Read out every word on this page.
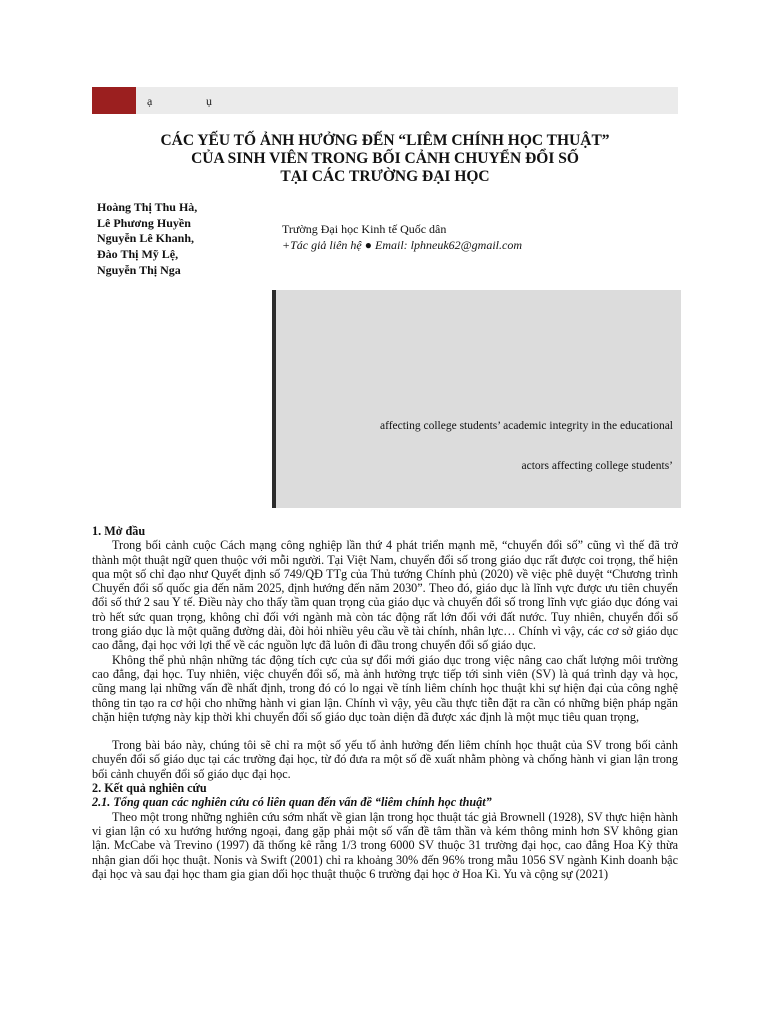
ạ	ụ
CÁC YẾU TỐ ẢNH HƯỞNG ĐẾN “LIÊM CHÍNH HỌC THUẬT”
CỦA SINH VIÊN TRONG BỐI CẢNH CHUYỂN ĐỔI SỐ
TẠI CÁC TRƯỜNG ĐẠI HỌC
Hoàng Thị Thu Hà,
Lê Phương Huyền
Nguyễn Lê Khanh,
Đào Thị Mỹ Lệ,
Nguyễn Thị Nga
Trường Đại học Kinh tế Quốc dân
+Tác giả liên hệ ● Email: lphneuk62@gmail.com
affecting college students’ academic integrity in the educational
actors affecting college students’
1. Mở đầu

Trong bối cảnh cuộc Cách mạng công nghiệp lần thứ 4 phát triển mạnh mẽ, “chuyển đổi số” cũng vì thế đã trở thành một thuật ngữ quen thuộc với mỗi người. Tại Việt Nam, chuyển đổi số trong giáo dục rất được coi trọng, thể hiện qua một số chỉ đạo như Quyết định số 749/QĐ TTg của Thủ tướng Chính phủ (2020) về việc phê duyệt “Chương trình Chuyển đổi số quốc gia đến năm 2025, định hướng đến năm 2030”. Theo đó, giáo dục là lĩnh vực được ưu tiên chuyển đổi số thứ 2 sau Y tế. Điều này cho thấy tầm quan trọng của giáo dục và chuyển đổi số trong lĩnh vực giáo dục đóng vai trò hết sức quan trọng, không chỉ đối với ngành mà còn tác động rất lớn đối với đất nước. Tuy nhiên, chuyển đổi số trong giáo dục là một quãng đường dài, đòi hỏi nhiều yêu cầu về tài chính, nhân lực… Chính vì vậy, các cơ sở giáo dục cao đẳng, đại học với lợi thế về các nguồn lực đã luôn đi đầu trong chuyển đổi số giáo dục.

Không thể phủ nhận những tác động tích cực của sự đổi mới giáo dục trong việc nâng cao chất lượng môi trường cao đẳng, đại học. Tuy nhiên, việc chuyển đổi số, mà ảnh hưởng trực tiếp tới sinh viên (SV) là quá trình dạy và học, cũng mang lại những vấn đề nhất định, trong đó có lo ngại về tính liêm chính học thuật khi sự hiện đại của công nghệ thông tin tạo ra cơ hội cho những hành vi gian lận. Chính vì vậy, yêu cầu thực tiễn đặt ra cần có những biện pháp ngăn chặn hiện tượng này kịp thời khi chuyển đổi số giáo dục toàn diện đã được xác định là một mục tiêu quan trọng,

Trong bài báo này, chúng tôi sẽ chỉ ra một số yếu tố ảnh hưởng đến liêm chính học thuật của SV trong bối cảnh chuyển đổi số giáo dục tại các trường đại học, từ đó đưa ra một số đề xuất nhằm phòng và chống hành vi gian lận trong bối cảnh chuyển đổi số giáo dục đại học.

2. Kết quả nghiên cứu
2.1. Tổng quan các nghiên cứu có liên quan đến vấn đề “liêm chính học thuật”

Theo một trong những nghiên cứu sớm nhất về gian lận trong học thuật tác giả Brownell (1928), SV thực hiện hành vi gian lận có xu hướng hướng ngoại, đang gặp phải một số vấn đề tâm thần và kém thông minh hơn SV không gian lận. McCabe và Trevino (1997) đã thống kê rằng 1/3 trong 6000 SV thuộc 31 trường đại học, cao đẳng Hoa Kỳ thừa nhận gian dối học thuật. Nonis và Swift (2001) chỉ ra khoảng 30% đến 96% trong mẫu 1056 SV ngành Kinh doanh bậc đại học và sau đại học tham gia gian dối học thuật thuộc 6 trường đại học ở Hoa Kì. Yu và cộng sự (2021)
